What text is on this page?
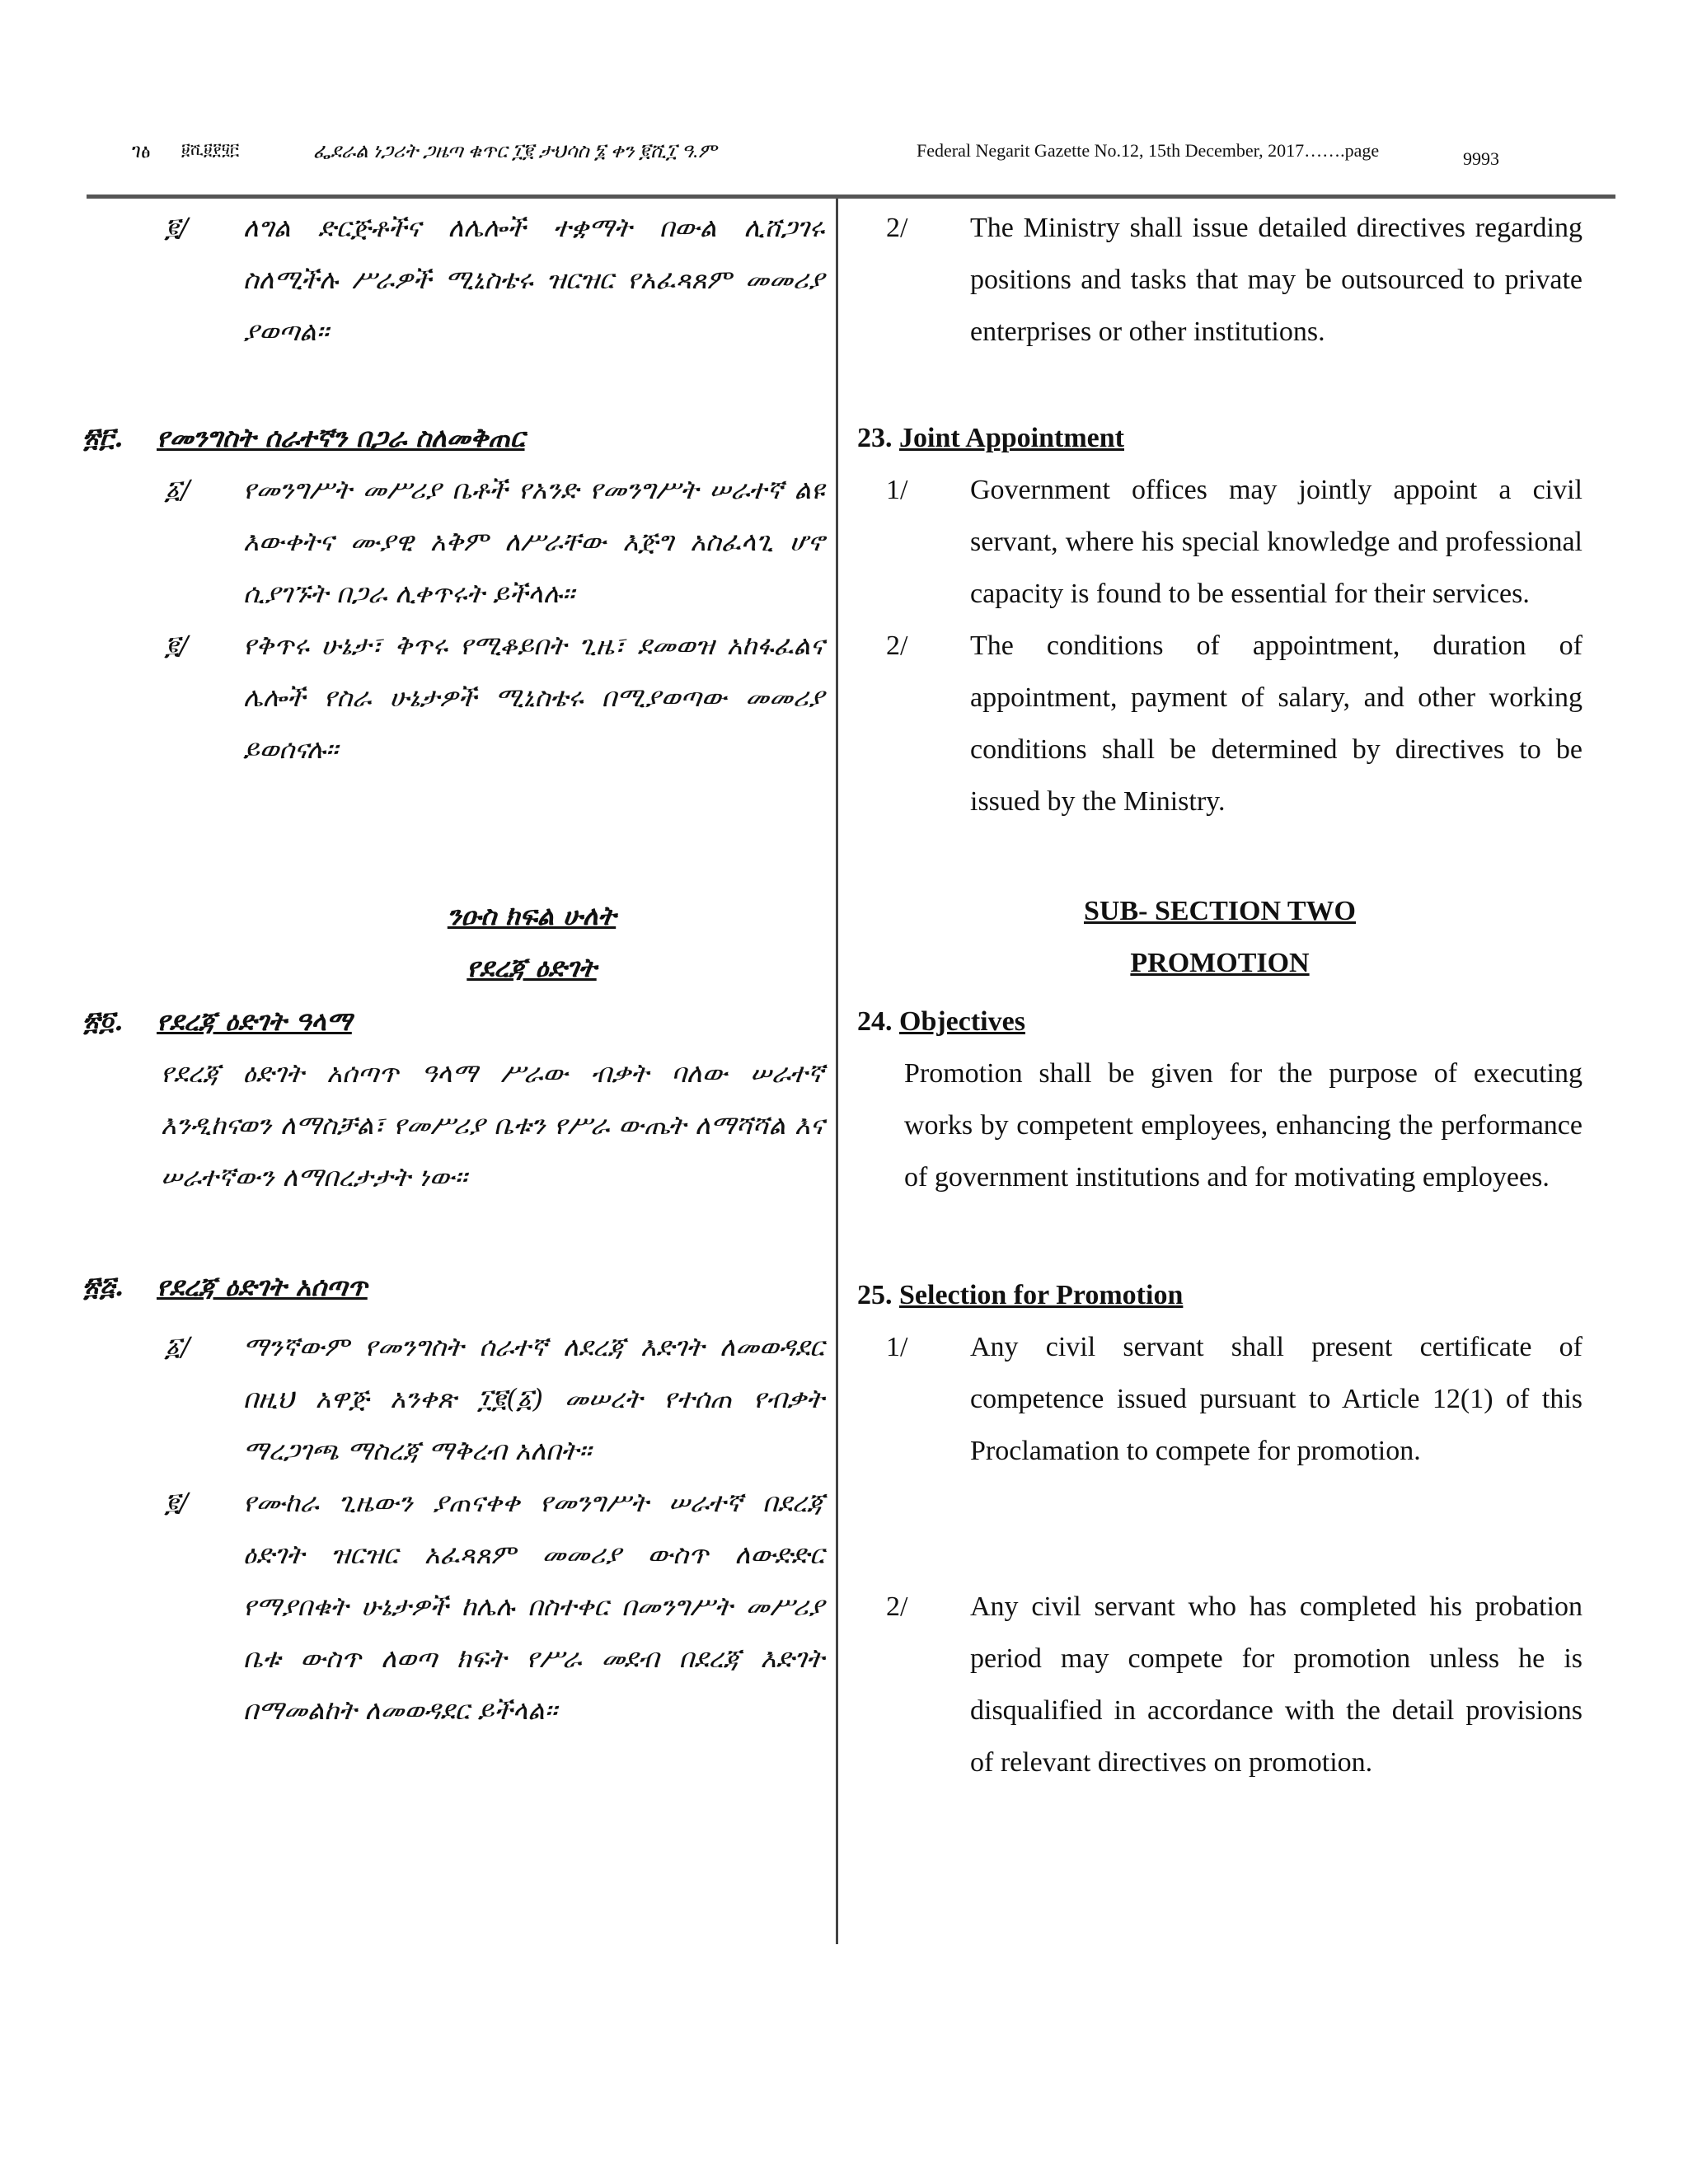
ገፅ ፱ሺ፱፻፶፫	ፌደራል ነጋሪት ጋዜጣ ቁጥር ፲፪ ታህሳስ ፮ ቀን ፪ሺ፲ ዓ.ም	Federal Negarit Gazette No.12, 15th December, 2017…….page	9993
፪/	ለግል ድርጅቶችና ለሌሎች ተቋማት በውል ሊሸጋገሩ ስለሚችሉ ሥራዎች ሚኒስቴሩ ዝርዝር የአፈጻጸም መመሪያ ያወጣል፡፡
፳፫.	የመንግስት ሰራተኛን በጋራ ስለመቅጠር
፩/	የመንግሥት መሥሪያ ቤቶች የአንድ የመንግሥት ሠራተኛ ልዩ እውቀትና ሙያዊ አቅም ለሥራቸው እጅግ አስፈላጊ ሆኖ ሲያገኙት በጋራ ሊቀጥሩት ይችላሉ፡፡
፪/	የቅጥሩ ሁኔታ፣ ቅጥሩ የሚቆይበት ጊዜ፣ ደመወዝ አከፋፈልና ሌሎች የስራ ሁኔታዎች ሚኒስቴሩ በሚያወጣው መመሪያ ይወሰናሉ፡፡
ንዑስ ክፍል ሁለት
የደረጃ ዕድገት
፳፬.	የደረጃ ዕድገት ዓላማ
የደረጃ ዕድገት አሰጣጥ ዓላማ ሥራው ብቃት ባለው ሠራተኛ እንዲከናወን ለማስቻል፣ የመሥሪያ ቤቱን የሥራ ውጤት ለማሻሻል እና ሠራተኛውን ለማበረታታት ነው፡፡
፳፭.	የደረጃ ዕድገት አሰጣጥ
፩/	ማንኛውም የመንግስት ሰራተኛ ለደረጃ እድገት ለመወዳደር በዚህ አዋጅ አንቀጽ ፲፪(፩) መሠረት የተሰጠ የብቃት ማረጋገጫ ማስረጃ ማቅረብ አለበት፡፡
፪/	የሙከራ ጊዜውን ያጠናቀቀ የመንግሥት ሠራተኛ በደረጃ ዕድገት ዝርዝር አፈጻጸም መመሪያ ውስጥ ለውድድር የማያበቁት ሁኔታዎች ከሌሉ በስተቀር በመንግሥት መሥሪያ ቤቱ ውስጥ ለወጣ ክፍት የሥራ መደብ በደረጃ እድገት በማመልከት ለመወዳደር ይችላል፡፡
2/	The Ministry shall issue detailed directives regarding positions and tasks that may be outsourced to private enterprises or other institutions.
23. Joint Appointment
1/	Government offices may jointly appoint a civil servant, where his special knowledge and professional capacity is found to be essential for their services.
2/	The conditions of appointment, duration of appointment, payment of salary, and other working conditions shall be determined by directives to be issued by the Ministry.
SUB- SECTION TWO
PROMOTION
24. Objectives
Promotion shall be given for the purpose of executing works by competent employees, enhancing the performance of government institutions and for motivating employees.
25. Selection for Promotion
1/	Any civil servant shall present certificate of competence issued pursuant to Article 12(1) of this Proclamation to compete for promotion.
2/	Any civil servant who has completed his probation period may compete for promotion unless he is disqualified in accordance with the detail provisions of relevant directives on promotion.
